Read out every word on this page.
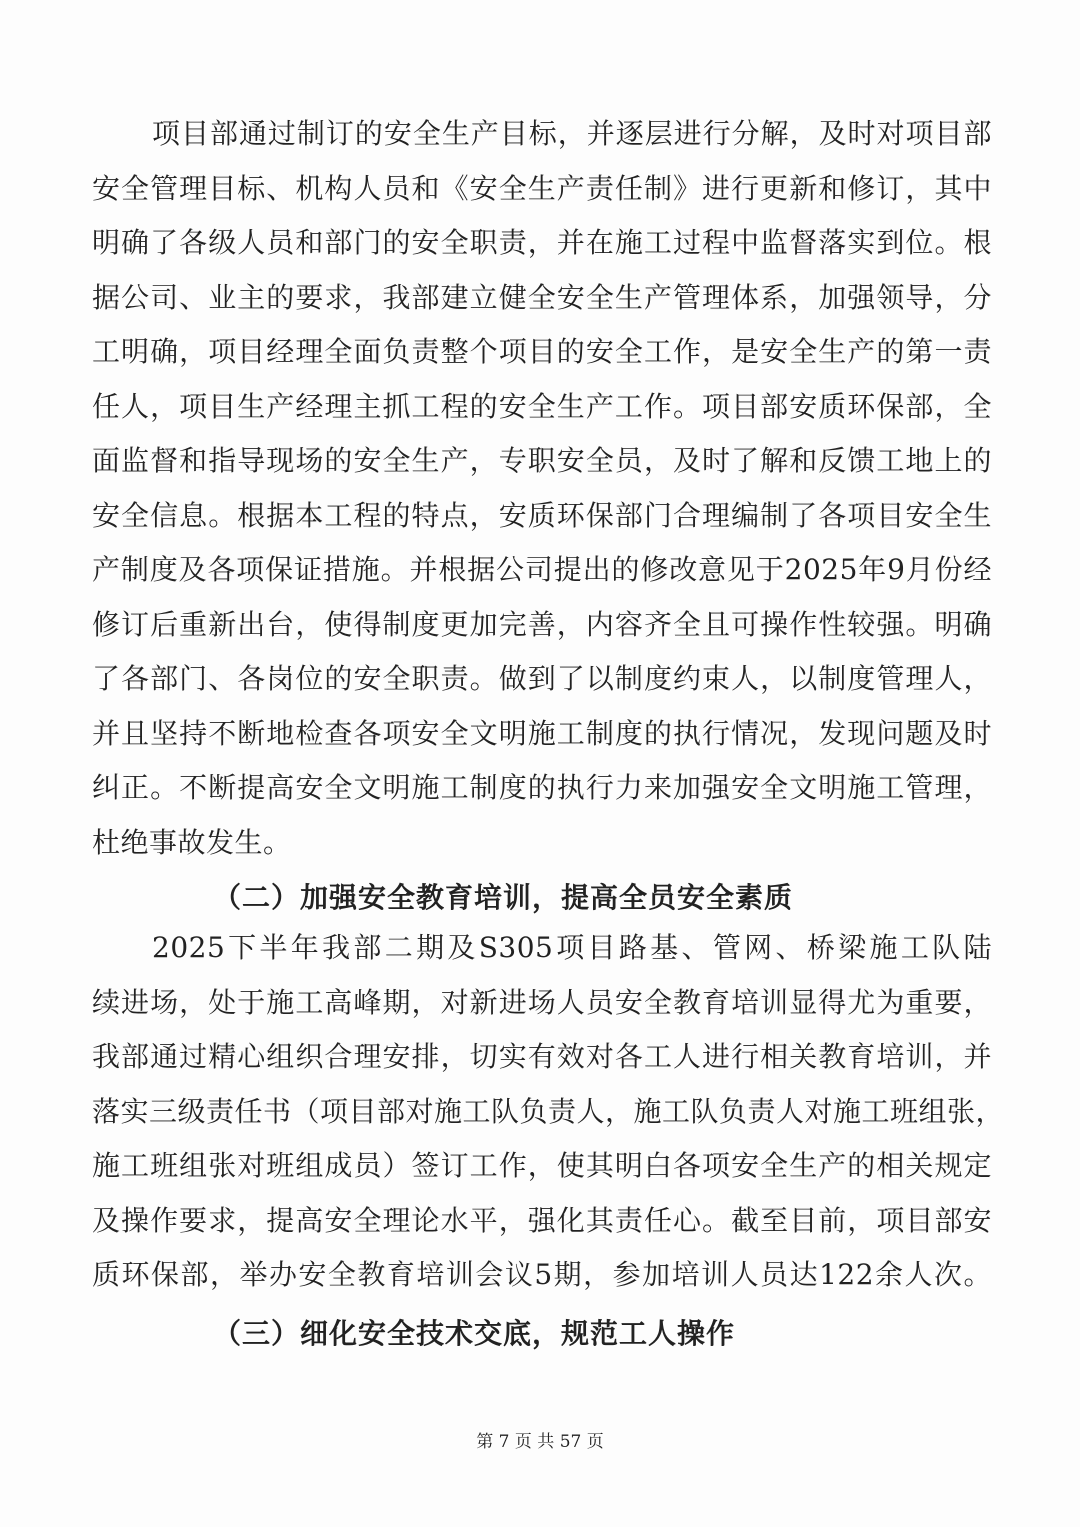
项目部通过制订的安全生产目标，并逐层进行分解，及时对项目部
安全管理目标、机构人员和《安全生产责任制》进行更新和修订，其中
明确了各级人员和部门的安全职责，并在施工过程中监督落实到位。根
据公司、业主的要求，我部建立健全安全生产管理体系，加强领导，分
工明确，项目经理全面负责整个项目的安全工作，是安全生产的第一责
任人，项目生产经理主抓工程的安全生产工作。项目部安质环保部，全
面监督和指导现场的安全生产，专职安全员，及时了解和反馈工地上的
安全信息。根据本工程的特点，安质环保部门合理编制了各项目安全生
产制度及各项保证措施。并根据公司提出的修改意见于2025年9月份经
修订后重新出台，使得制度更加完善，内容齐全且可操作性较强。明确
了各部门、各岗位的安全职责。做到了以制度约束人，以制度管理人，
并且坚持不断地检查各项安全文明施工制度的执行情况，发现问题及时
纠正。不断提高安全文明施工制度的执行力来加强安全文明施工管理，
杜绝事故发生。
（二）加强安全教育培训，提高全员安全素质
2025下半年我部二期及S305项目路基、管网、桥梁施工队陆
续进场，处于施工高峰期，对新进场人员安全教育培训显得尤为重要，
我部通过精心组织合理安排，切实有效对各工人进行相关教育培训，并
落实三级责任书（项目部对施工队负责人，施工队负责人对施工班组张，
施工班组张对班组成员）签订工作，使其明白各项安全生产的相关规定
及操作要求，提高安全理论水平，强化其责任心。截至目前，项目部安
质环保部，举办安全教育培训会议5期，参加培训人员达122余人次。
（三）细化安全技术交底，规范工人操作
第 7 页 共 57 页
